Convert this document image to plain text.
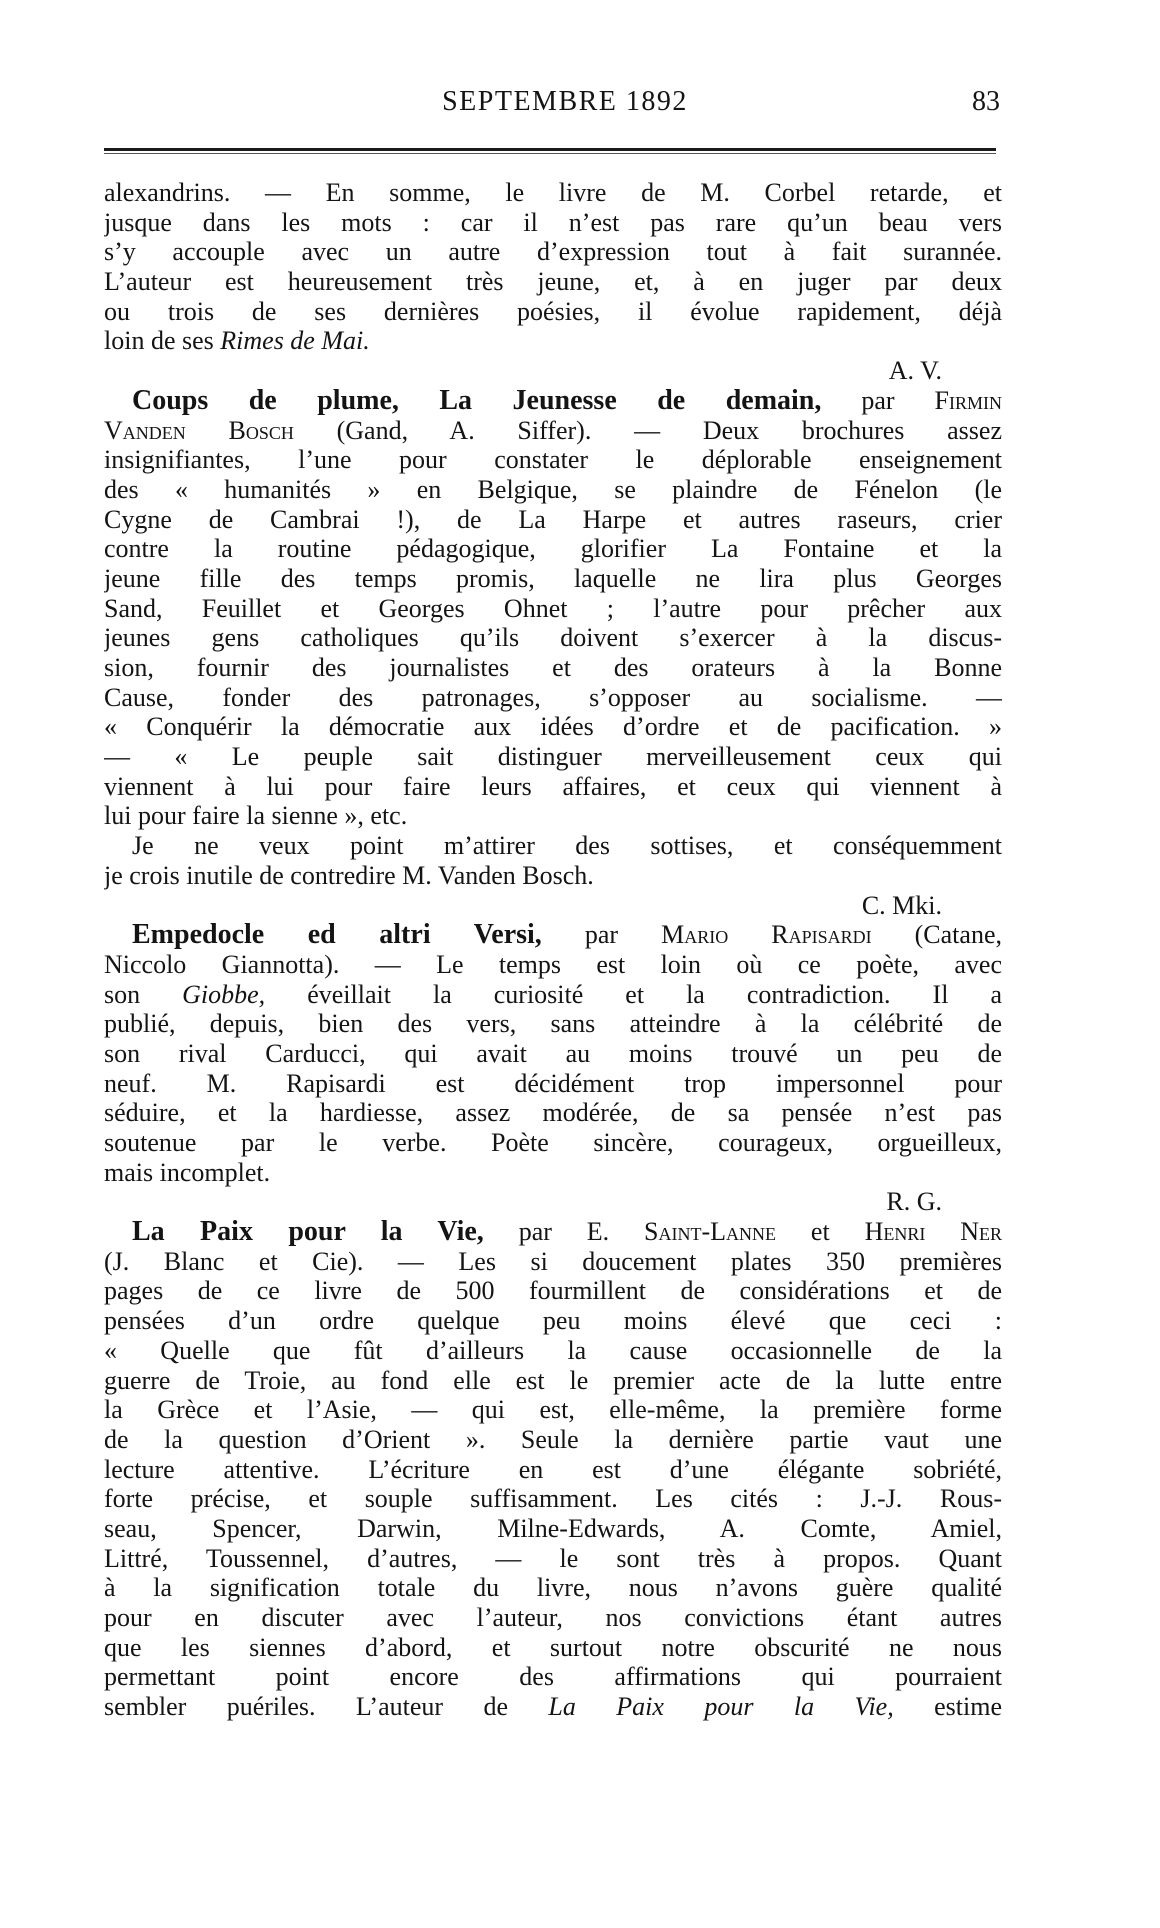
SEPTEMBRE 1892	83
alexandrins. — En somme, le livre de M. Corbel retarde, et
jusque dans les mots : car il n’est pas rare qu’un beau vers
s’y accouple avec un autre d’expression tout à fait surannée.
L’auteur est heureusement très jeune, et, à en juger par deux
ou trois de ses dernières poésies, il évolue rapidement, déjà
loin de ses Rimes de Mai.
A. V.
Coups de plume, La Jeunesse de demain, par Firmin
Vanden Bosch (Gand, A. Siffer). — Deux brochures assez
insignifiantes, l’une pour constater le déplorable enseignement
des « humanités » en Belgique, se plaindre de Fénelon (le
Cygne de Cambrai !), de La Harpe et autres raseurs, crier
contre la routine pédagogique, glorifier La Fontaine et la
jeune fille des temps promis, laquelle ne lira plus Georges
Sand, Feuillet et Georges Ohnet ; l’autre pour prêcher aux
jeunes gens catholiques qu’ils doivent s’exercer à la discus-
sion, fournir des journalistes et des orateurs à la Bonne
Cause, fonder des patronages, s’opposer au socialisme. —
« Conquérir la démocratie aux idées d’ordre et de pacification. »
— « Le peuple sait distinguer merveilleusement ceux qui
viennent à lui pour faire leurs affaires, et ceux qui viennent à
lui pour faire la sienne », etc.
Je ne veux point m’attirer des sottises, et conséquemment
je crois inutile de contredire M. Vanden Bosch.
C. Mki.
Empedocle ed altri Versi, par Mario Rapisardi (Catane,
Niccolo Giannotta). — Le temps est loin où ce poète, avec
son Giobbe, éveillait la curiosité et la contradiction. Il a
publié, depuis, bien des vers, sans atteindre à la célébrité de
son rival Carducci, qui avait au moins trouvé un peu de
neuf. M. Rapisardi est décidément trop impersonnel pour
séduire, et la hardiesse, assez modérée, de sa pensée n’est pas
soutenue par le verbe. Poète sincère, courageux, orgueilleux,
mais incomplet.
R. G.
La Paix pour la Vie, par E. Saint-Lanne et Henri Ner
(J. Blanc et Cie). — Les si doucement plates 350 premières
pages de ce livre de 500 fourmillent de considérations et de
pensées d’un ordre quelque peu moins élevé que ceci :
« Quelle que fût d’ailleurs la cause occasionnelle de la
guerre de Troie, au fond elle est le premier acte de la lutte entre
la Grèce et l’Asie, — qui est, elle-même, la première forme
de la question d’Orient ». Seule la dernière partie vaut une
lecture attentive. L’écriture en est d’une élégante sobriété,
forte précise, et souple suffisamment. Les cités : J.-J. Rous-
seau, Spencer, Darwin, Milne-Edwards, A. Comte, Amiel,
Littré, Toussennel, d’autres, — le sont très à propos. Quant
à la signification totale du livre, nous n’avons guère qualité
pour en discuter avec l’auteur, nos convictions étant autres
que les siennes d’abord, et surtout notre obscurité ne nous
permettant point encore des affirmations qui pourraient
sembler puériles. L’auteur de La Paix pour la Vie, estime
